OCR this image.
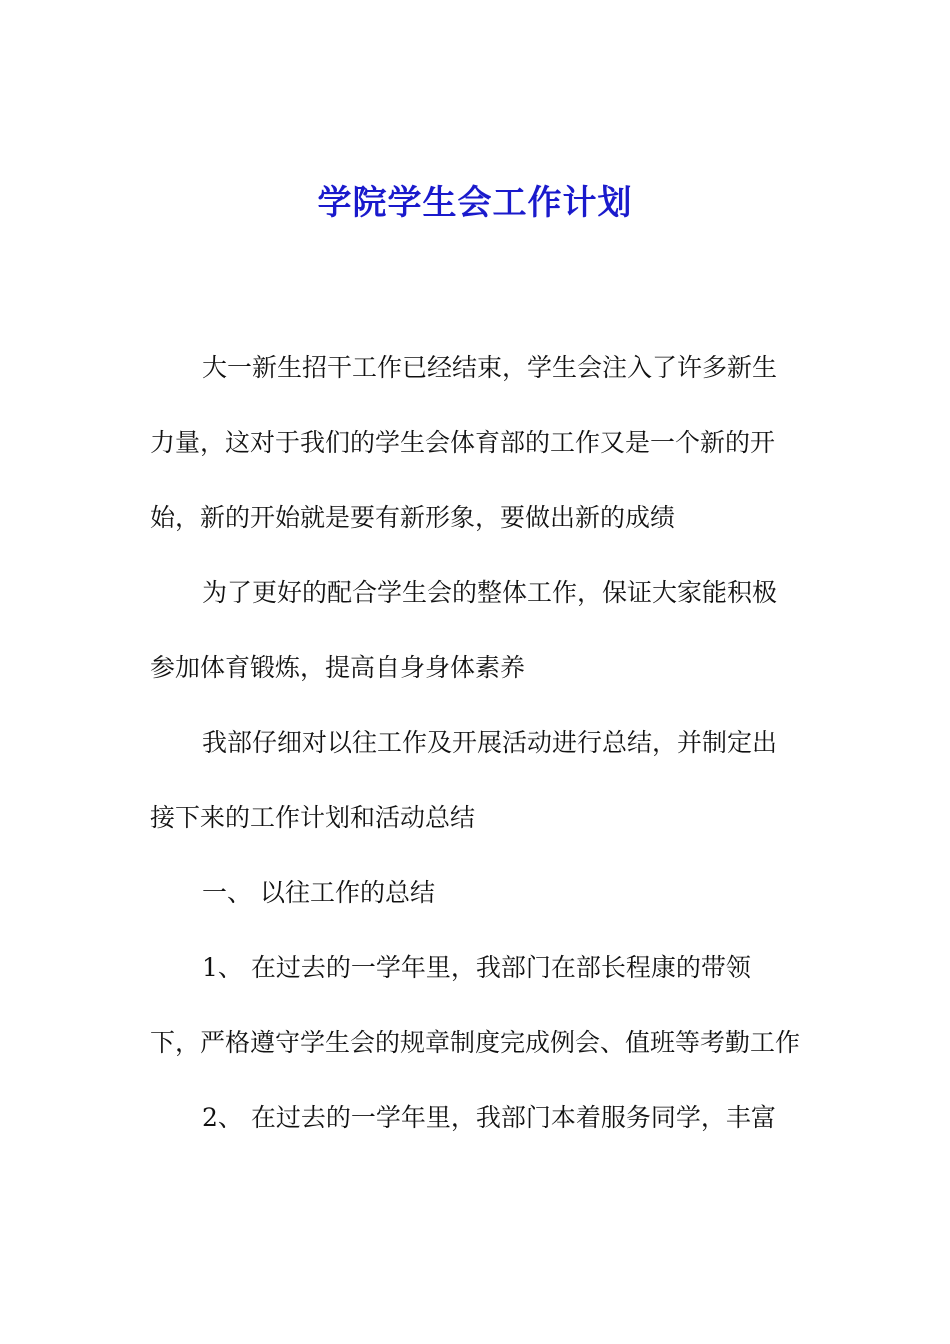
学院学生会工作计划

大一新生招干工作已经结束，学生会注入了许多新生力量，这对于我们的学生会体育部的工作又是一个新的开始，新的开始就是要有新形象，要做出新的成绩

为了更好的配合学生会的整体工作，保证大家能积极参加体育锻炼，提高自身身体素养

我部仔细对以往工作及开展活动进行总结，并制定出接下来的工作计划和活动总结

一、 以往工作的总结

1、 在过去的一学年里，我部门在部长程康的带领下，严格遵守学生会的规章制度完成例会、值班等考勤工作

2、 在过去的一学年里，我部门本着服务同学，丰富
